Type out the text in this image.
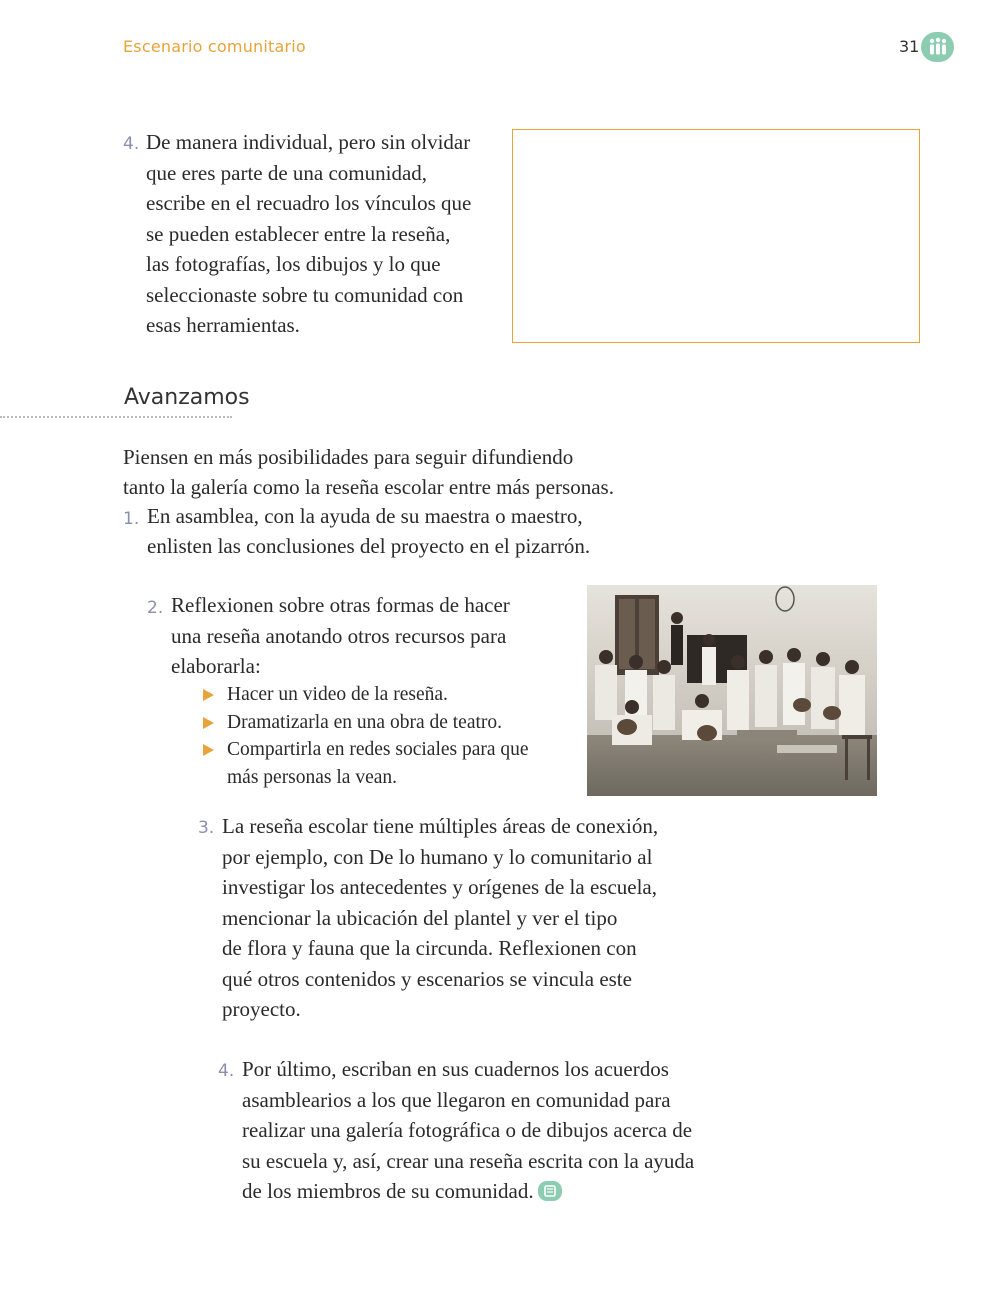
Escenario comunitario	31
4. De manera individual, pero sin olvidar
que eres parte de una comunidad,
escribe en el recuadro los vínculos que
se pueden establecer entre la reseña,
las fotografías, los dibujos y lo que
seleccionaste sobre tu comunidad con
esas herramientas.
Avanzamos
Piensen en más posibilidades para seguir difundiendo
tanto la galería como la reseña escolar entre más personas.
1. En asamblea, con la ayuda de su maestra o maestro,
enlisten las conclusiones del proyecto en el pizarrón.
2. Reflexionen sobre otras formas de hacer
una reseña anotando otros recursos para
elaborarla:
Hacer un video de la reseña.
Dramatizarla en una obra de teatro.
Compartirla en redes sociales para que
más personas la vean.
3. La reseña escolar tiene múltiples áreas de conexión,
por ejemplo, con De lo humano y lo comunitario al
investigar los antecedentes y orígenes de la escuela,
mencionar la ubicación del plantel y ver el tipo
de flora y fauna que la circunda. Reflexionen con
qué otros contenidos y escenarios se vincula este
proyecto.
4. Por último, escriban en sus cuadernos los acuerdos
asamblearios a los que llegaron en comunidad para
realizar una galería fotográfica o de dibujos acerca de
su escuela y, así, crear una reseña escrita con la ayuda
de los miembros de su comunidad.
